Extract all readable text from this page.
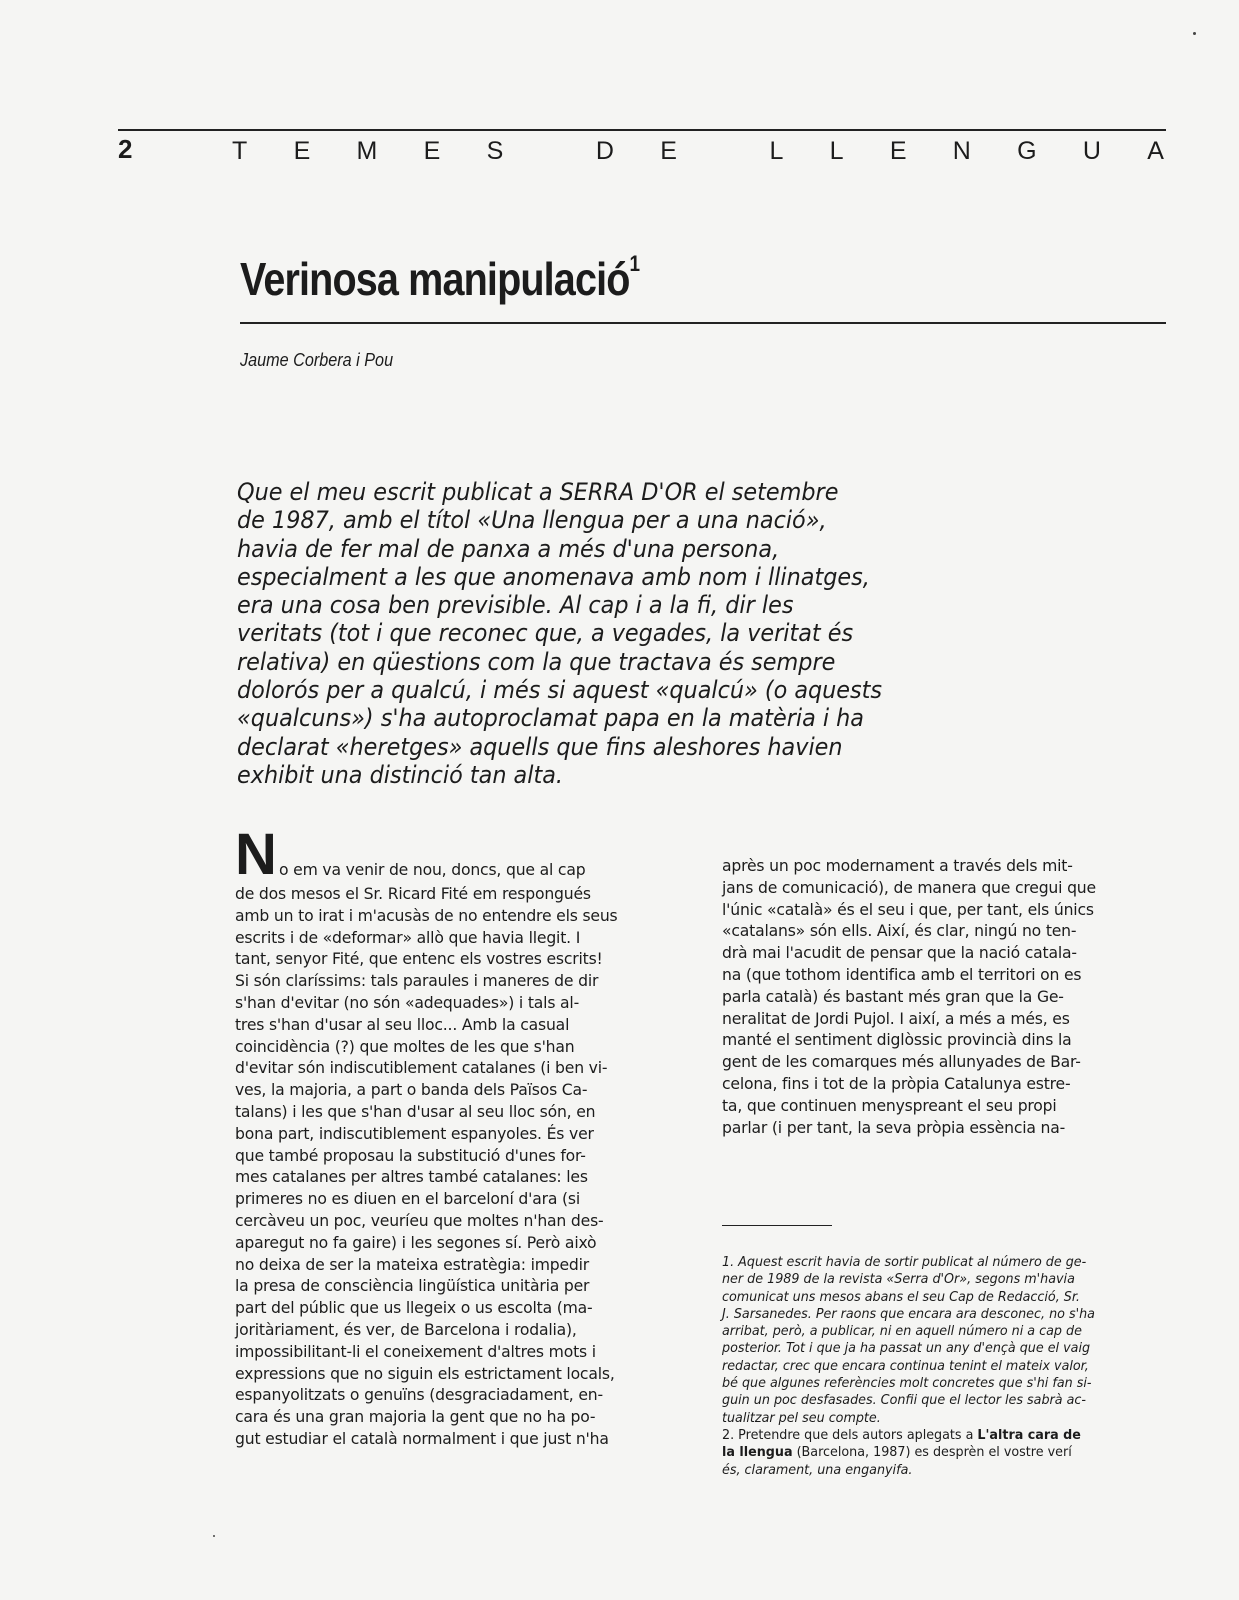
2	T E M E S	D E	L L E N G U A
Verinosa manipulació$^1$
Jaume Corbera i Pou
Que el meu escrit publicat a SERRA D'OR el setembre
de 1987, amb el títol «Una llengua per a una nació»,
havia de fer mal de panxa a més d'una persona,
especialment a les que anomenava amb nom i llinatges,
era una cosa ben previsible. Al cap i a la fi, dir les
veritats (tot i que reconec que, a vegades, la veritat és
relativa) en qüestions com la que tractava és sempre
dolorós per a qualcú, i més si aquest «qualcú» (o aquests
«qualcuns») s'ha autoproclamat papa en la matèria i ha
declarat «heretges» aquells que fins aleshores havien
exhibit una distinció tan alta.
N o em va venir de nou, doncs, que al cap
de dos mesos el Sr. Ricard Fité em respongués
amb un to irat i m'acusàs de no entendre els seus
escrits i de «deformar» allò que havia llegit. I
tant, senyor Fité, que entenc els vostres escrits!
Si són claríssims: tals paraules i maneres de dir
s'han d'evitar (no són «adequades») i tals al-
tres s'han d'usar al seu lloc... Amb la casual
coincidència (?) que moltes de les que s'han
d'evitar són indiscutiblement catalanes (i ben vi-
ves, la majoria, a part o banda dels Països Ca-
talans) i les que s'han d'usar al seu lloc són, en
bona part, indiscutiblement espanyoles. És ver
que també proposau la substitució d'unes for-
mes catalanes per altres també catalanes: les
primeres no es diuen en el barceloní d'ara (si
cercàveu un poc, veuríeu que moltes n'han des-
aparegut no fa gaire) i les segones sí. Però això
no deixa de ser la mateixa estratègia: impedir
la presa de consciència lingüística unitària per
part del públic que us llegeix o us escolta (ma-
joritàriament, és ver, de Barcelona i rodalia),
impossibilitant-li el coneixement d'altres mots i
expressions que no siguin els estrictament locals,
espanyolitzats o genuïns (desgraciadament, en-
cara és una gran majoria la gent que no ha po-
gut estudiar el català normalment i que just n'ha
après un poc modernament a través dels mit-
jans de comunicació), de manera que cregui que
l'únic «català» és el seu i que, per tant, els únics
«catalans» són ells. Així, és clar, ningú no ten-
drà mai l'acudit de pensar que la nació catala-
na (que tothom identifica amb el territori on es
parla català) és bastant més gran que la Ge-
neralitat de Jordi Pujol. I així, a més a més, es
manté el sentiment diglòssic provincià dins la
gent de les comarques més allunyades de Bar-
celona, fins i tot de la pròpia Catalunya estre-
ta, que continuen menyspreant el seu propi
parlar (i per tant, la seva pròpia essència na-
1. Aquest escrit havia de sortir publicat al número de ge-
ner de 1989 de la revista «Serra d'Or», segons m'havia
comunicat uns mesos abans el seu Cap de Redacció, Sr.
J. Sarsanedes. Per raons que encara ara desconec, no s'ha
arribat, però, a publicar, ni en aquell número ni a cap de
posterior. Tot i que ja ha passat un any d'ençà que el vaig
redactar, crec que encara continua tenint el mateix valor,
bé que algunes referències molt concretes que s'hi fan si-
guin un poc desfasades. Confii que el lector les sabrà ac-
tualitzar pel seu compte.
2. Pretendre que dels autors aplegats a L'altra cara de
la llengua (Barcelona, 1987) es desprèn el vostre verí
és, clarament, una enganyifa.
